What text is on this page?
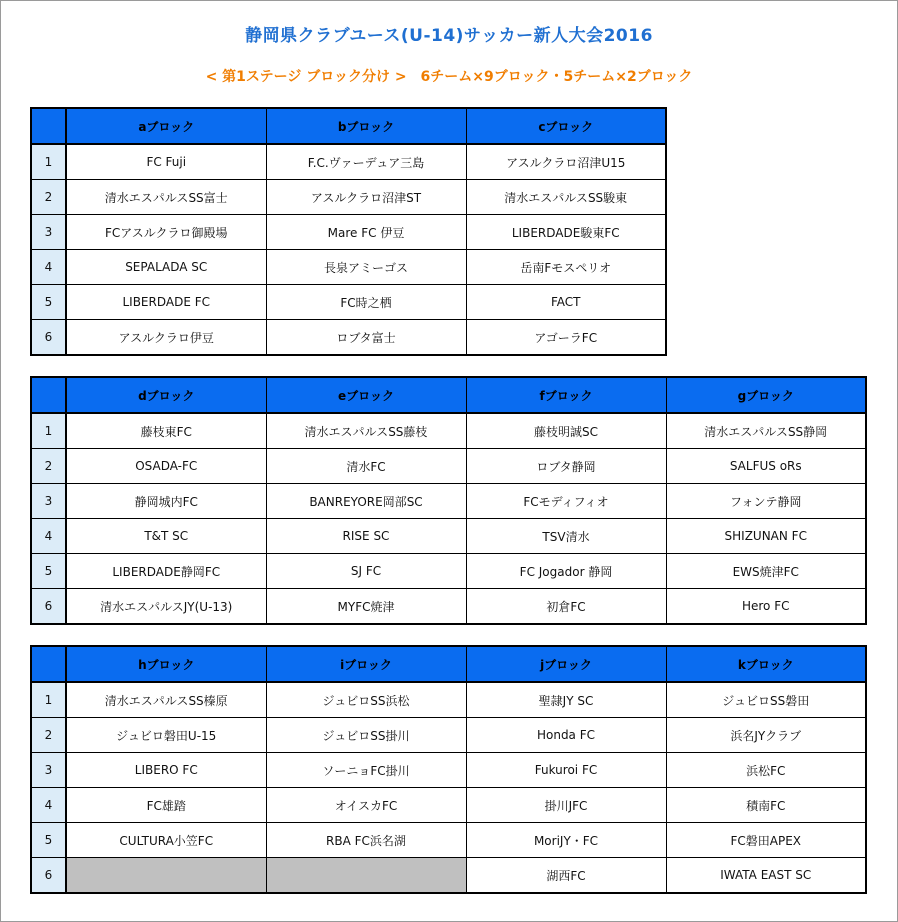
静岡県クラブユース(U-14)サッカー新人大会2016
< 第1ステージ ブロック分け >　6チーム×9ブロック・5チーム×2ブロック
	aブロック	bブロック	cブロック
1	FC Fuji	F.C.ヴァーデュア三島	アスルクラロ沼津U15
2	清水エスパルスSS富士	アスルクラロ沼津ST	清水エスパルスSS駿東
3	FCアスルクラロ御殿場	Mare FC 伊豆	LIBERDADE駿東FC
4	SEPALADA SC	長泉アミーゴス	岳南Fモスペリオ
5	LIBERDADE FC	FC時之栖	FACT
6	アスルクラロ伊豆	ロブタ富士	アゴーラFC
	dブロック	eブロック	fブロック	gブロック
1	藤枝東FC	清水エスパルスSS藤枝	藤枝明誠SC	清水エスパルスSS静岡
2	OSADA-FC	清水FC	ロブタ静岡	SALFUS oRs
3	静岡城内FC	BANREYORE岡部SC	FCモディフィオ	フォンテ静岡
4	T&T SC	RISE SC	TSV清水	SHIZUNAN FC
5	LIBERDADE静岡FC	SJ FC	FC Jogador 静岡	EWS焼津FC
6	清水エスパルスJY(U-13)	MYFC焼津	初倉FC	Hero FC
	hブロック	iブロック	jブロック	kブロック
1	清水エスパルスSS榛原	ジュビロSS浜松	聖隷JY SC	ジュビロSS磐田
2	ジュビロ磐田U-15	ジュビロSS掛川	Honda FC	浜名JYクラブ
3	LIBERO FC	ソーニョFC掛川	Fukuroi FC	浜松FC
4	FC雄踏	オイスカFC	掛川JFC	積南FC
5	CULTURA小笠FC	RBA FC浜名湖	MoriJY・FC	FC磐田APEX
6			湖西FC	IWATA EAST SC
